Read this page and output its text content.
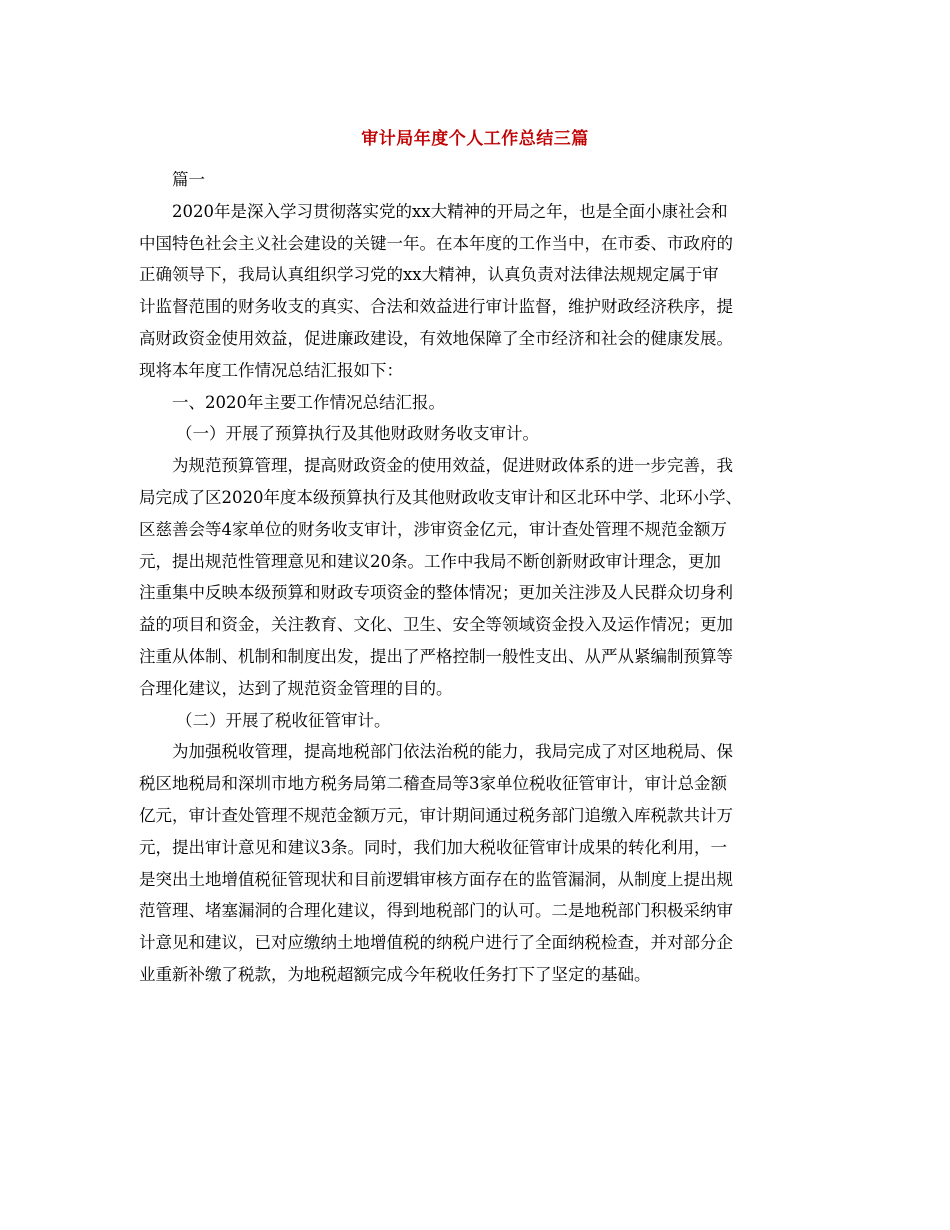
审计局年度个人工作总结三篇
篇一
2020年是深入学习贯彻落实党的xx大精神的开局之年，也是全面小康社会和
中国特色社会主义社会建设的关键一年。在本年度的工作当中，在市委、市政府的
正确领导下，我局认真组织学习党的xx大精神，认真负责对法律法规规定属于审
计监督范围的财务收支的真实、合法和效益进行审计监督，维护财政经济秩序，提
高财政资金使用效益，促进廉政建设，有效地保障了全市经济和社会的健康发展。
现将本年度工作情况总结汇报如下：
一、2020年主要工作情况总结汇报。
（一）开展了预算执行及其他财政财务收支审计。
为规范预算管理，提高财政资金的使用效益，促进财政体系的进一步完善，我
局完成了区2020年度本级预算执行及其他财政收支审计和区北环中学、北环小学、
区慈善会等4家单位的财务收支审计，涉审资金亿元，审计查处管理不规范金额万
元，提出规范性管理意见和建议20条。工作中我局不断创新财政审计理念，更加
注重集中反映本级预算和财政专项资金的整体情况；更加关注涉及人民群众切身利
益的项目和资金，关注教育、文化、卫生、安全等领域资金投入及运作情况；更加
注重从体制、机制和制度出发，提出了严格控制一般性支出、从严从紧编制预算等
合理化建议，达到了规范资金管理的目的。
（二）开展了税收征管审计。
为加强税收管理，提高地税部门依法治税的能力，我局完成了对区地税局、保
税区地税局和深圳市地方税务局第二稽查局等3家单位税收征管审计，审计总金额
亿元，审计查处管理不规范金额万元，审计期间通过税务部门追缴入库税款共计万
元，提出审计意见和建议3条。同时，我们加大税收征管审计成果的转化利用，一
是突出土地增值税征管现状和目前逻辑审核方面存在的监管漏洞，从制度上提出规
范管理、堵塞漏洞的合理化建议，得到地税部门的认可。二是地税部门积极采纳审
计意见和建议，已对应缴纳土地增值税的纳税户进行了全面纳税检查，并对部分企
业重新补缴了税款，为地税超额完成今年税收任务打下了坚定的基础。
